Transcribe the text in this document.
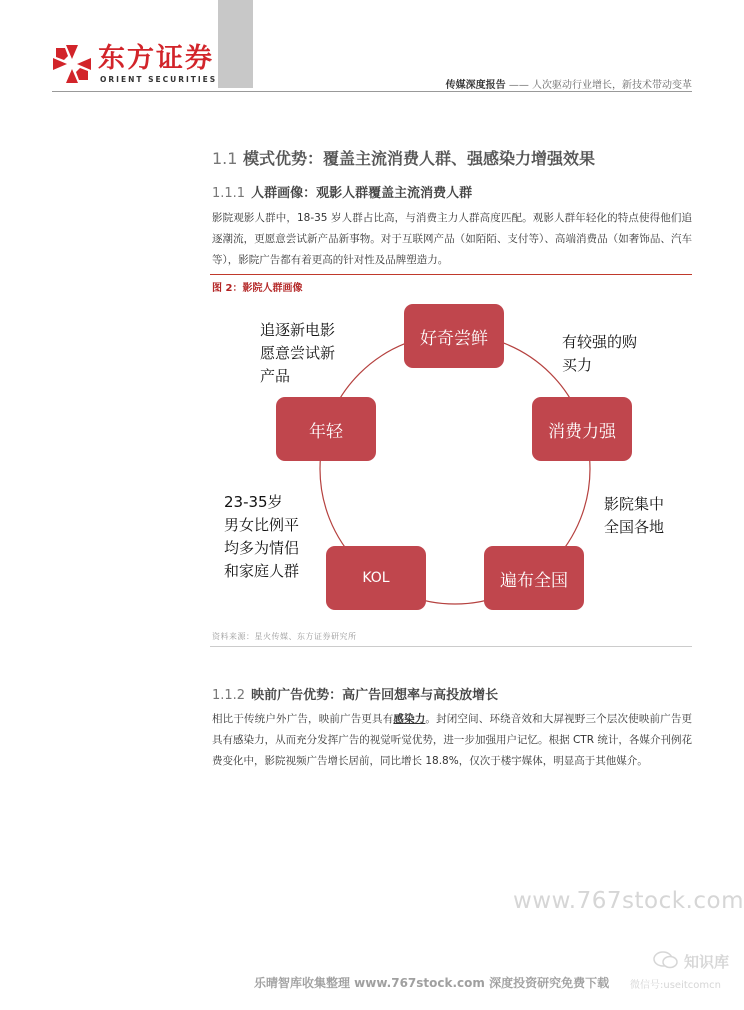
东方证券
ORIENT SECURITIES
传媒深度报告 —— 人次驱动行业增长，新技术带动变革
1.1 模式优势：覆盖主流消费人群、强感染力增强效果
1.1.1 人群画像：观影人群覆盖主流消费人群
影院观影人群中，18-35 岁人群占比高，与消费主力人群高度匹配。观影人群年轻化的特点使得他们追逐潮流，更愿意尝试新产品新事物。对于互联网产品（如陌陌、支付等）、高端消费品（如奢饰品、汽车等），影院广告都有着更高的针对性及品牌塑造力。
图 2：影院人群画像
好奇尝鲜
消费力强
遍布全国
KOL
年轻
追逐新电影
愿意尝试新
产品
有较强的购
买力
影院集中
全国各地
23-35岁
男女比例平
均多为情侣
和家庭人群
资料来源：星火传媒、东方证券研究所
1.1.2 映前广告优势：高广告回想率与高投放增长
相比于传统户外广告，映前广告更具有感染力。封闭空间、环绕音效和大屏视野三个层次使映前广告更具有感染力，从而充分发挥广告的视觉听觉优势，进一步加强用户记忆。根据 CTR 统计，各媒介刊例花费变化中，影院视频广告增长居前，同比增长 18.8%，仅次于楼宇媒体，明显高于其他媒介。
www.767stock.com
知识库
微信号:useitcomcn
乐晴智库收集整理 www.767stock.com 深度投资研究免费下载
